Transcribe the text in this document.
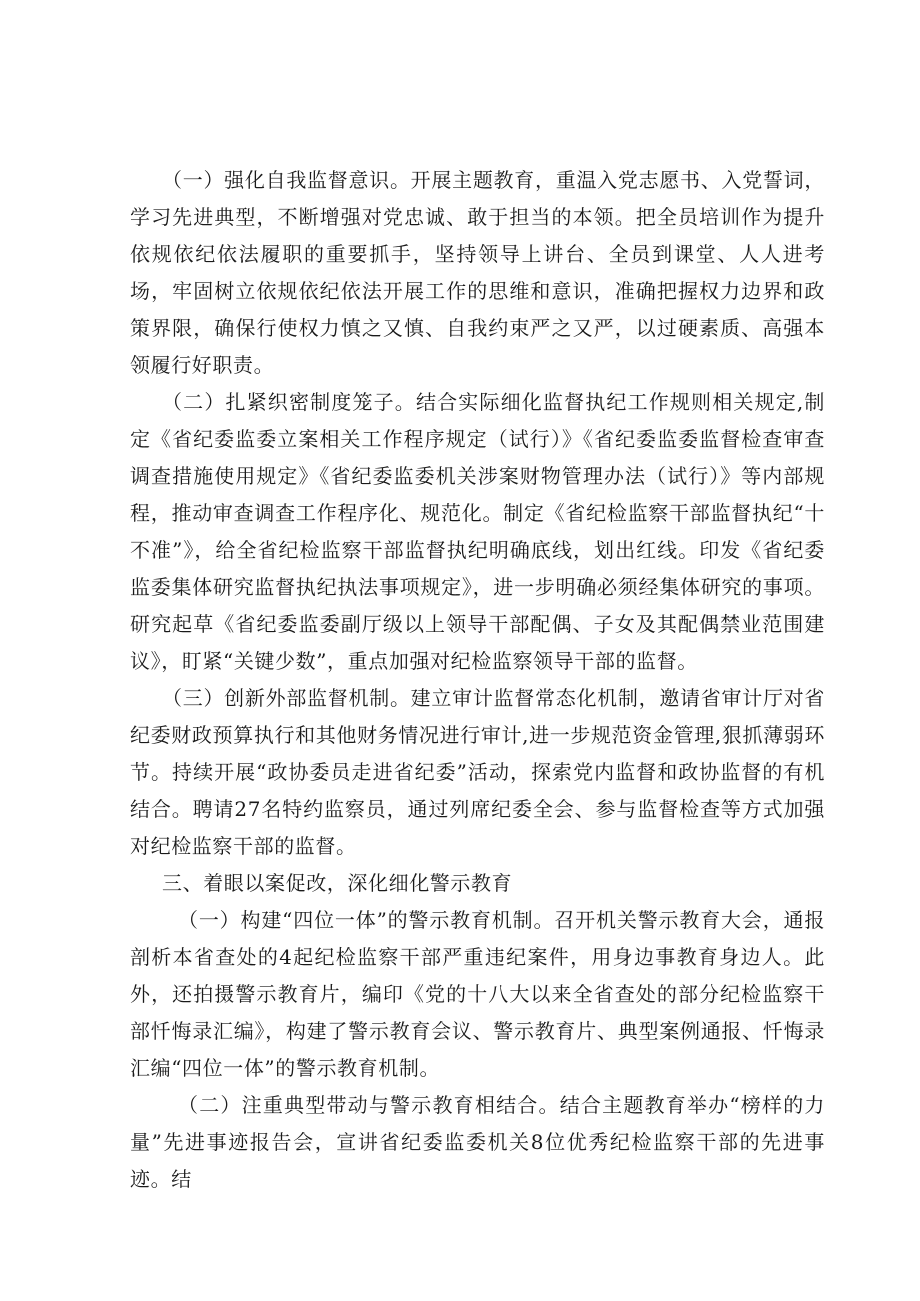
（一）强化自我监督意识。开展主题教育，重温入党志愿书、入党誓词，学习先进典型，不断增强对党忠诚、敢于担当的本领。把全员培训作为提升依规依纪依法履职的重要抓手，坚持领导上讲台、全员到课堂、人人进考场，牢固树立依规依纪依法开展工作的思维和意识，准确把握权力边界和政策界限，确保行使权力慎之又慎、自我约束严之又严，以过硬素质、高强本领履行好职责。

（二）扎紧织密制度笼子。结合实际细化监督执纪工作规则相关规定,制定《省纪委监委立案相关工作程序规定（试行）》《省纪委监委监督检查审查调查措施使用规定》《省纪委监委机关涉案财物管理办法（试行）》等内部规程，推动审查调查工作程序化、规范化。制定《省纪检监察干部监督执纪“十不准”》，给全省纪检监察干部监督执纪明确底线，划出红线。印发《省纪委监委集体研究监督执纪执法事项规定》，进一步明确必须经集体研究的事项。研究起草《省纪委监委副厅级以上领导干部配偶、子女及其配偶禁业范围建议》，盯紧“关键少数”，重点加强对纪检监察领导干部的监督。

（三）创新外部监督机制。建立审计监督常态化机制，邀请省审计厅对省纪委财政预算执行和其他财务情况进行审计,进一步规范资金管理,狠抓薄弱环节。持续开展“政协委员走进省纪委”活动，探索党内监督和政协监督的有机结合。聘请27名特约监察员，通过列席纪委全会、参与监督检查等方式加强对纪检监察干部的监督。

三、着眼以案促改，深化细化警示教育

（一）构建“四位一体”的警示教育机制。召开机关警示教育大会，通报剖析本省查处的4起纪检监察干部严重违纪案件，用身边事教育身边人。此外，还拍摄警示教育片，编印《党的十八大以来全省查处的部分纪检监察干部忏悔录汇编》，构建了警示教育会议、警示教育片、典型案例通报、忏悔录汇编“四位一体”的警示教育机制。

（二）注重典型带动与警示教育相结合。结合主题教育举办“榜样的力量”先进事迹报告会，宣讲省纪委监委机关8位优秀纪检监察干部的先进事迹。结
